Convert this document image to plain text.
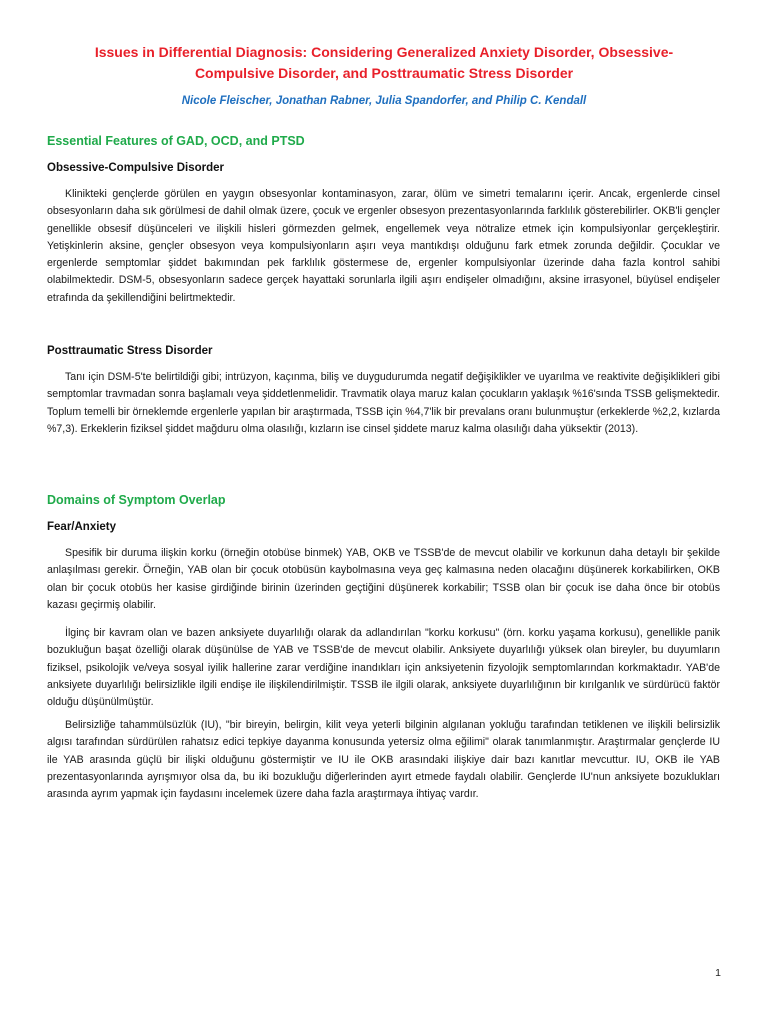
Issues in Differential Diagnosis: Considering Generalized Anxiety Disorder, Obsessive-Compulsive Disorder, and Posttraumatic Stress Disorder
Nicole Fleischer, Jonathan Rabner, Julia Spandorfer, and Philip C. Kendall
Essential Features of GAD, OCD, and PTSD
Obsessive-Compulsive Disorder
Klinikteki gençlerde görülen en yaygın obsesyonlar kontaminasyon, zarar, ölüm ve simetri temalarını içerir. Ancak, ergenlerde cinsel obsesyonların daha sık görülmesi de dahil olmak üzere, çocuk ve ergenler obsesyon prezentasyonlarında farklılık gösterebilirler. OKB'li gençler genellikle obsesif düşünceleri ve ilişkili hisleri görmezden gelmek, engellemek veya nötralize etmek için kompulsiyonlar gerçekleştirir. Yetişkinlerin aksine, gençler obsesyon veya kompulsiyonların aşırı veya mantıkdışı olduğunu fark etmek zorunda değildir. Çocuklar ve ergenlerde semptomlar şiddet bakımından pek farklılık göstermese de, ergenler kompulsiyonlar üzerinde daha fazla kontrol sahibi olabilmektedir. DSM-5, obsesyonların sadece gerçek hayattaki sorunlarla ilgili aşırı endişeler olmadığını, aksine irrasyonel, büyüsel endişeler etrafında da şekillendiğini belirtmektedir.
Posttraumatic Stress Disorder
Tanı için DSM-5'te belirtildiği gibi; intrüzyon, kaçınma, biliş ve duygudurumda negatif değişiklikler ve uyarılma ve reaktivite değişiklikleri gibi semptomlar travmadan sonra başlamalı veya şiddetlenmelidir. Travmatik olaya maruz kalan çocukların yaklaşık %16'sında TSSB gelişmektedir. Toplum temelli bir örneklemde ergenlerle yapılan bir araştırmada, TSSB için %4,7'lik bir prevalans oranı bulunmuştur (erkeklerde %2,2, kızlarda %7,3). Erkeklerin fiziksel şiddet mağduru olma olasılığı, kızların ise cinsel şiddete maruz kalma olasılığı daha yüksektir (2013).
Domains of Symptom Overlap
Fear/Anxiety
Spesifik bir duruma ilişkin korku (örneğin otobüse binmek) YAB, OKB ve TSSB'de de mevcut olabilir ve korkunun daha detaylı bir şekilde anlaşılması gerekir. Örneğin, YAB olan bir çocuk otobüsün kaybolmasına veya geç kalmasına neden olacağını düşünerek korkabilirken, OKB olan bir çocuk otobüs her kasise girdiğinde birinin üzerinden geçtiğini düşünerek korkabilir; TSSB olan bir çocuk ise daha önce bir otobüs kazası geçirmiş olabilir.
İlginç bir kavram olan ve bazen anksiyete duyarlılığı olarak da adlandırılan "korku korkusu" (örn. korku yaşama korkusu), genellikle panik bozukluğun başat özelliği olarak düşünülse de YAB ve TSSB'de de mevcut olabilir. Anksiyete duyarlılığı yüksek olan bireyler, bu duyumların fiziksel, psikolojik ve/veya sosyal iyilik hallerine zarar verdiğine inandıkları için anksiyetenin fizyolojik semptomlarından korkmaktadır. YAB'de anksiyete duyarlılığı belirsizlikle ilgili endişe ile ilişkilendirilmiştir. TSSB ile ilgili olarak, anksiyete duyarlılığının bir kırılganlık ve sürdürücü faktör olduğu düşünülmüştür.
Belirsizliğe tahammülsüzlük (IU), "bir bireyin, belirgin, kilit veya yeterli bilginin algılanan yokluğu tarafından tetiklenen ve ilişkili belirsizlik algısı tarafından sürdürülen rahatsız edici tepkiye dayanma konusunda yetersiz olma eğilimi" olarak tanımlanmıştır. Araştırmalar gençlerde IU ile YAB arasında güçlü bir ilişki olduğunu göstermiştir ve IU ile OKB arasındaki ilişkiye dair bazı kanıtlar mevcuttur. IU, OKB ile YAB prezentasyonlarında ayrışmıyor olsa da, bu iki bozukluğu diğerlerinden ayırt etmede faydalı olabilir. Gençlerde IU'nun anksiyete bozuklukları arasında ayrım yapmak için faydasını incelemek üzere daha fazla araştırmaya ihtiyaç vardır.
1
